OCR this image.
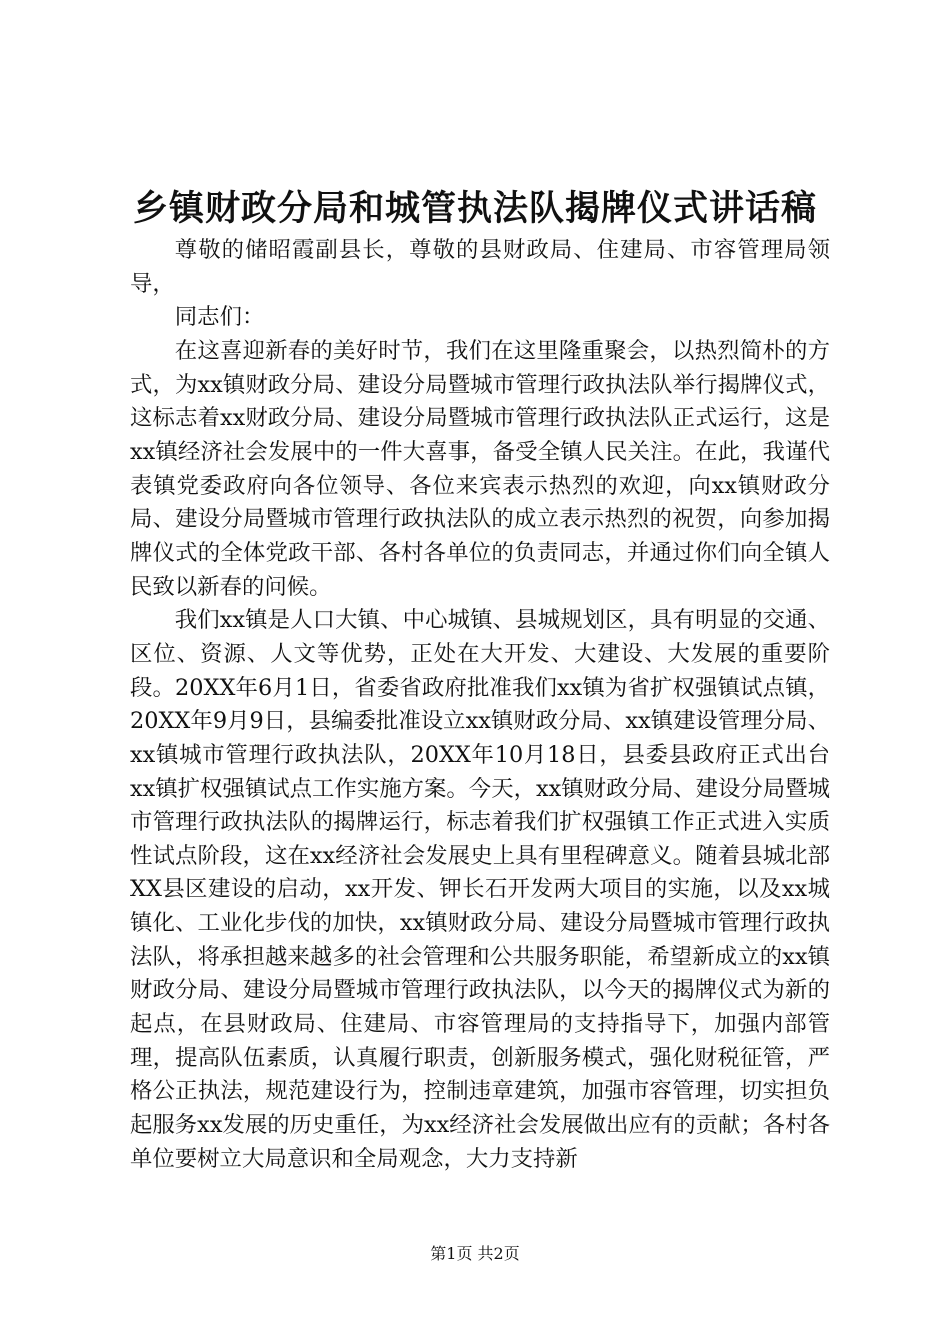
乡镇财政分局和城管执法队揭牌仪式讲话稿

尊敬的储昭霞副县长，尊敬的县财政局、住建局、市容管理局领导，

同志们：

在这喜迎新春的美好时节，我们在这里隆重聚会，以热烈简朴的方式，为xx镇财政分局、建设分局暨城市管理行政执法队举行揭牌仪式，这标志着xx财政分局、建设分局暨城市管理行政执法队正式运行，这是xx镇经济社会发展中的一件大喜事，备受全镇人民关注。在此，我谨代表镇党委政府向各位领导、各位来宾表示热烈的欢迎，向xx镇财政分局、建设分局暨城市管理行政执法队的成立表示热烈的祝贺，向参加揭牌仪式的全体党政干部、各村各单位的负责同志，并通过你们向全镇人民致以新春的问候。

我们xx镇是人口大镇、中心城镇、县城规划区，具有明显的交通、区位、资源、人文等优势，正处在大开发、大建设、大发展的重要阶段。20XX年6月1日，省委省政府批准我们xx镇为省扩权强镇试点镇，20XX年9月9日，县编委批准设立xx镇财政分局、xx镇建设管理分局、xx镇城市管理行政执法队，20XX年10月18日，县委县政府正式出台xx镇扩权强镇试点工作实施方案。今天，xx镇财政分局、建设分局暨城市管理行政执法队的揭牌运行，标志着我们扩权强镇工作正式进入实质性试点阶段，这在xx经济社会发展史上具有里程碑意义。随着县城北部XX县区建设的启动，xx开发、钾长石开发两大项目的实施，以及xx城镇化、工业化步伐的加快，xx镇财政分局、建设分局暨城市管理行政执法队，将承担越来越多的社会管理和公共服务职能，希望新成立的xx镇财政分局、建设分局暨城市管理行政执法队，以今天的揭牌仪式为新的起点，在县财政局、住建局、市容管理局的支持指导下，加强内部管理，提高队伍素质，认真履行职责，创新服务模式，强化财税征管，严格公正执法，规范建设行为，控制违章建筑，加强市容管理，切实担负起服务xx发展的历史重任，为xx经济社会发展做出应有的贡献；各村各单位要树立大局意识和全局观念，大力支持新

第1页 共2页
